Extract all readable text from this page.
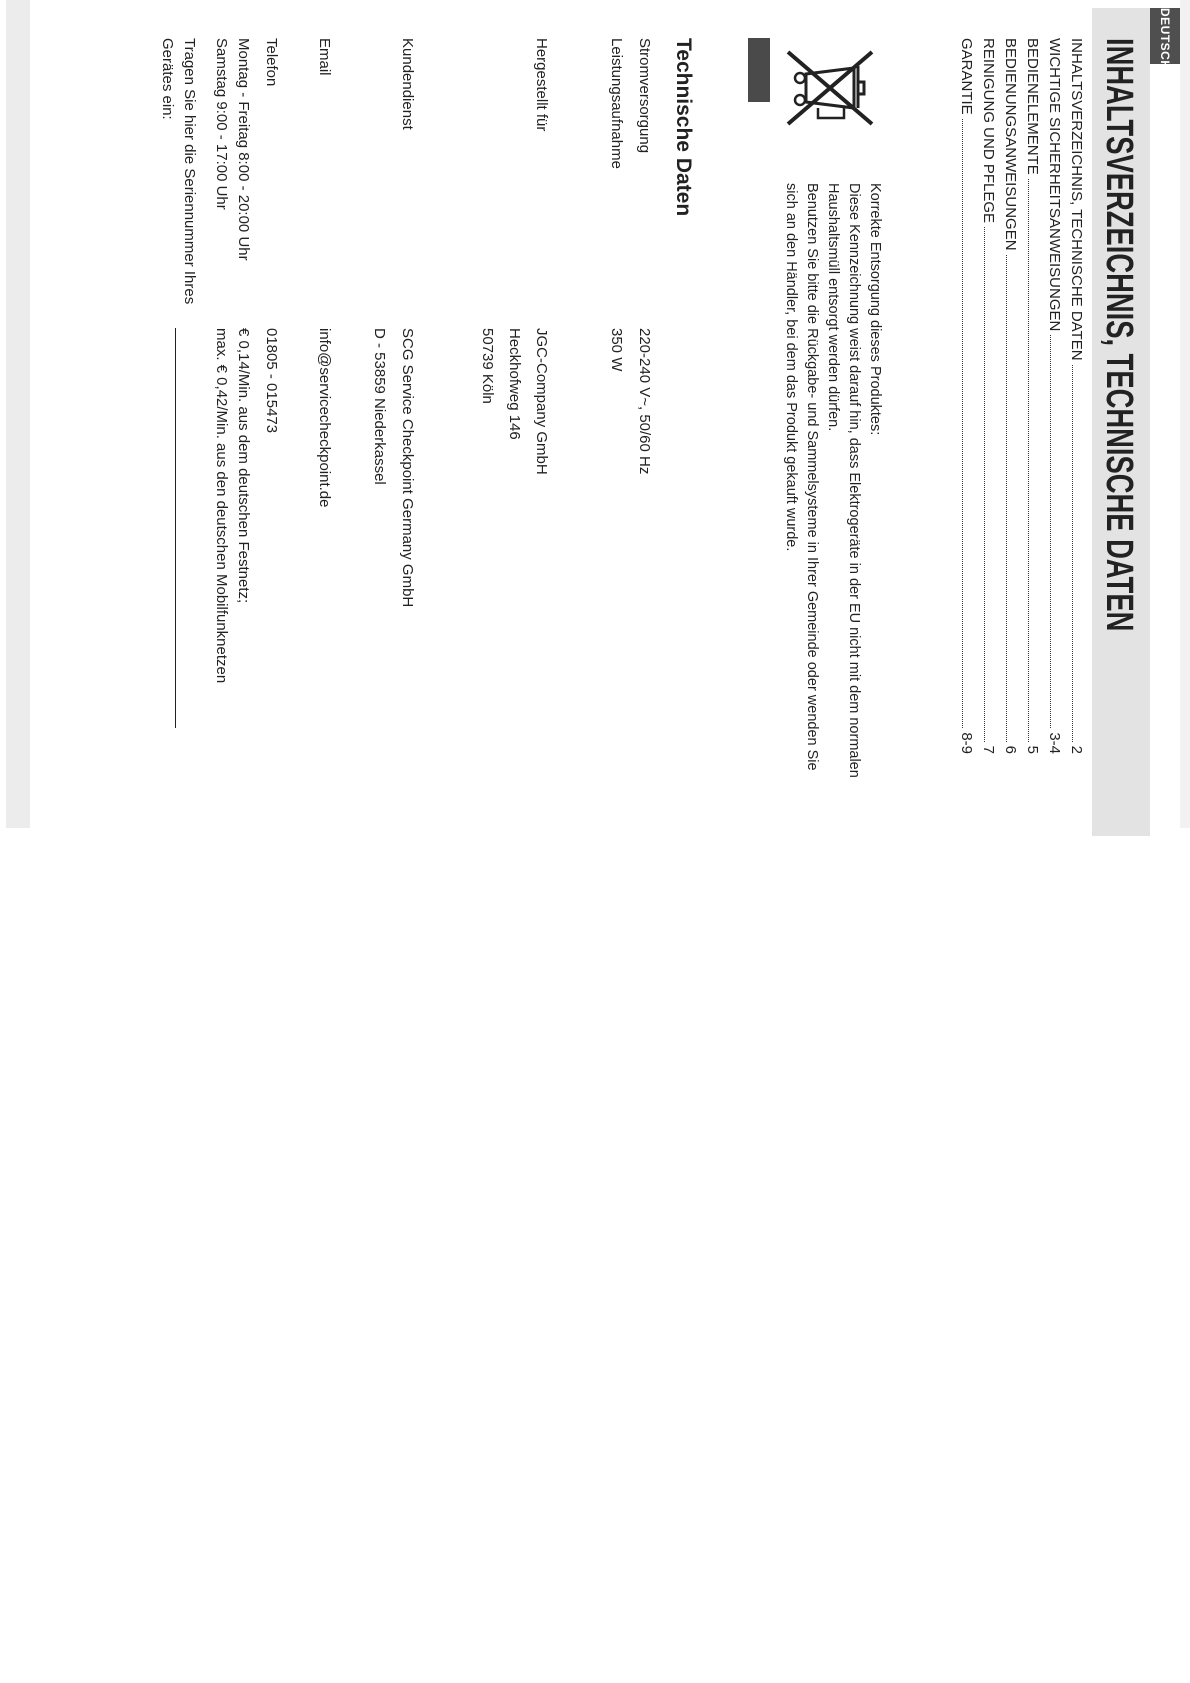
DEUTSCH
INHALTSVERZEICHNIS, TECHNISCHE DATEN
INHALTSVERZEICHNIS, TECHNISCHE DATEN
2
WICHTIGE SICHERHEITSANWEISUNGEN
3-4
BEDIENELEMENTE
5
BEDIENUNGSANWEISUNGEN
6
REINIGUNG UND PFLEGE
7
GARANTIE
8-9

Korrekte Entsorgung dieses Produktes:

Diese Kennzeichnung weist darauf hin, dass Elektrogeräte in der EU nicht mit dem normalen

Haushaltsmüll entsorgt werden dürfen.

Benutzen Sie bitte die Rückgabe- und Sammelsysteme in Ihrer Gemeinde oder wenden Sie

sich an den Händler, bei dem das Produkt gekauft wurde.

Technische Daten
Stromversorgung
220-240 V~, 50/60 Hz
Leistungsaufnahme
350 W
Hergestellt für
JGC-Company GmbH
Heckhofweg 146
50739 Köln
Kundendienst
SCG Service Checkpoint Germany GmbH
D - 53859 Niederkassel
Email
info@servicecheckpoint.de
Telefon
01805 - 015473
Montag - Freitag 8:00 - 20:00 Uhr
Samstag 9:00 - 17:00 Uhr
€ 0,14/Min. aus dem deutschen Festnetz;
max. € 0,42/Min. aus den deutschen Mobilfunknetzen
Tragen Sie hier die Seriennummer Ihres
Gerätes ein:
